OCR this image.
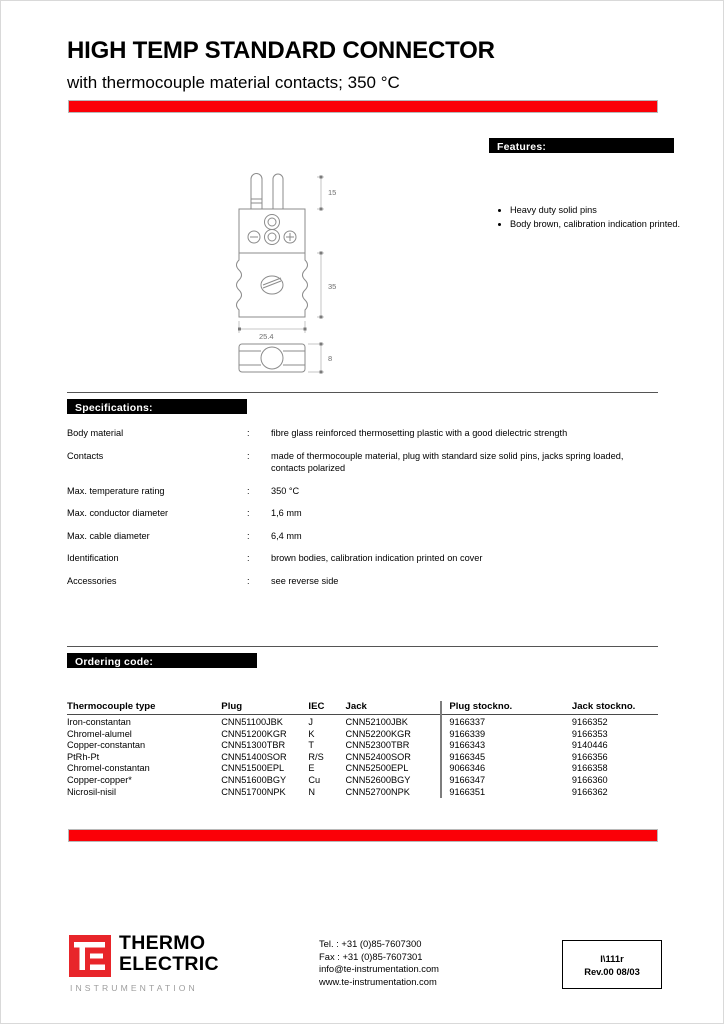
HIGH TEMP STANDARD CONNECTOR
with thermocouple material contacts; 350 °C
Features:
• Heavy duty solid pins
• Body brown, calibration indication printed.
15
35
25.4
8
Specifications:
Body material	:	fibre glass reinforced thermosetting plastic with a good dielectric strength
Contacts	:	made of thermocouple material, plug with standard size solid pins, jacks spring loaded, contacts polarized
Max. temperature rating	:	350 °C
Max. conductor diameter	:	1,6 mm
Max. cable diameter	:	6,4 mm
Identification	:	brown bodies, calibration indication printed on cover
Accessories	:	see reverse side
Ordering code:
Thermocouple type	Plug	IEC	Jack	Plug stockno.	Jack stockno.
Iron-constantan	CNN51100JBK	J	CNN52100JBK	9166337	9166352
Chromel-alumel	CNN51200KGR	K	CNN52200KGR	9166339	9166353
Copper-constantan	CNN51300TBR	T	CNN52300TBR	9166343	9140446
PtRh-Pt	CNN51400SOR	R/S	CNN52400SOR	9166345	9166356
Chromel-constantan	CNN51500EPL	E	CNN52500EPL	9066346	9166358
Copper-copper*	CNN51600BGY	Cu	CNN52600BGY	9166347	9166360
Nicrosil-nisil	CNN51700NPK	N	CNN52700NPK	9166351	9166362
THERMO
ELECTRIC
INSTRUMENTATION
Tel. : +31 (0)85-7607300
Fax : +31 (0)85-7607301
info@te-instrumentation.com
www.te-instrumentation.com
I\111r
Rev.00 08/03
